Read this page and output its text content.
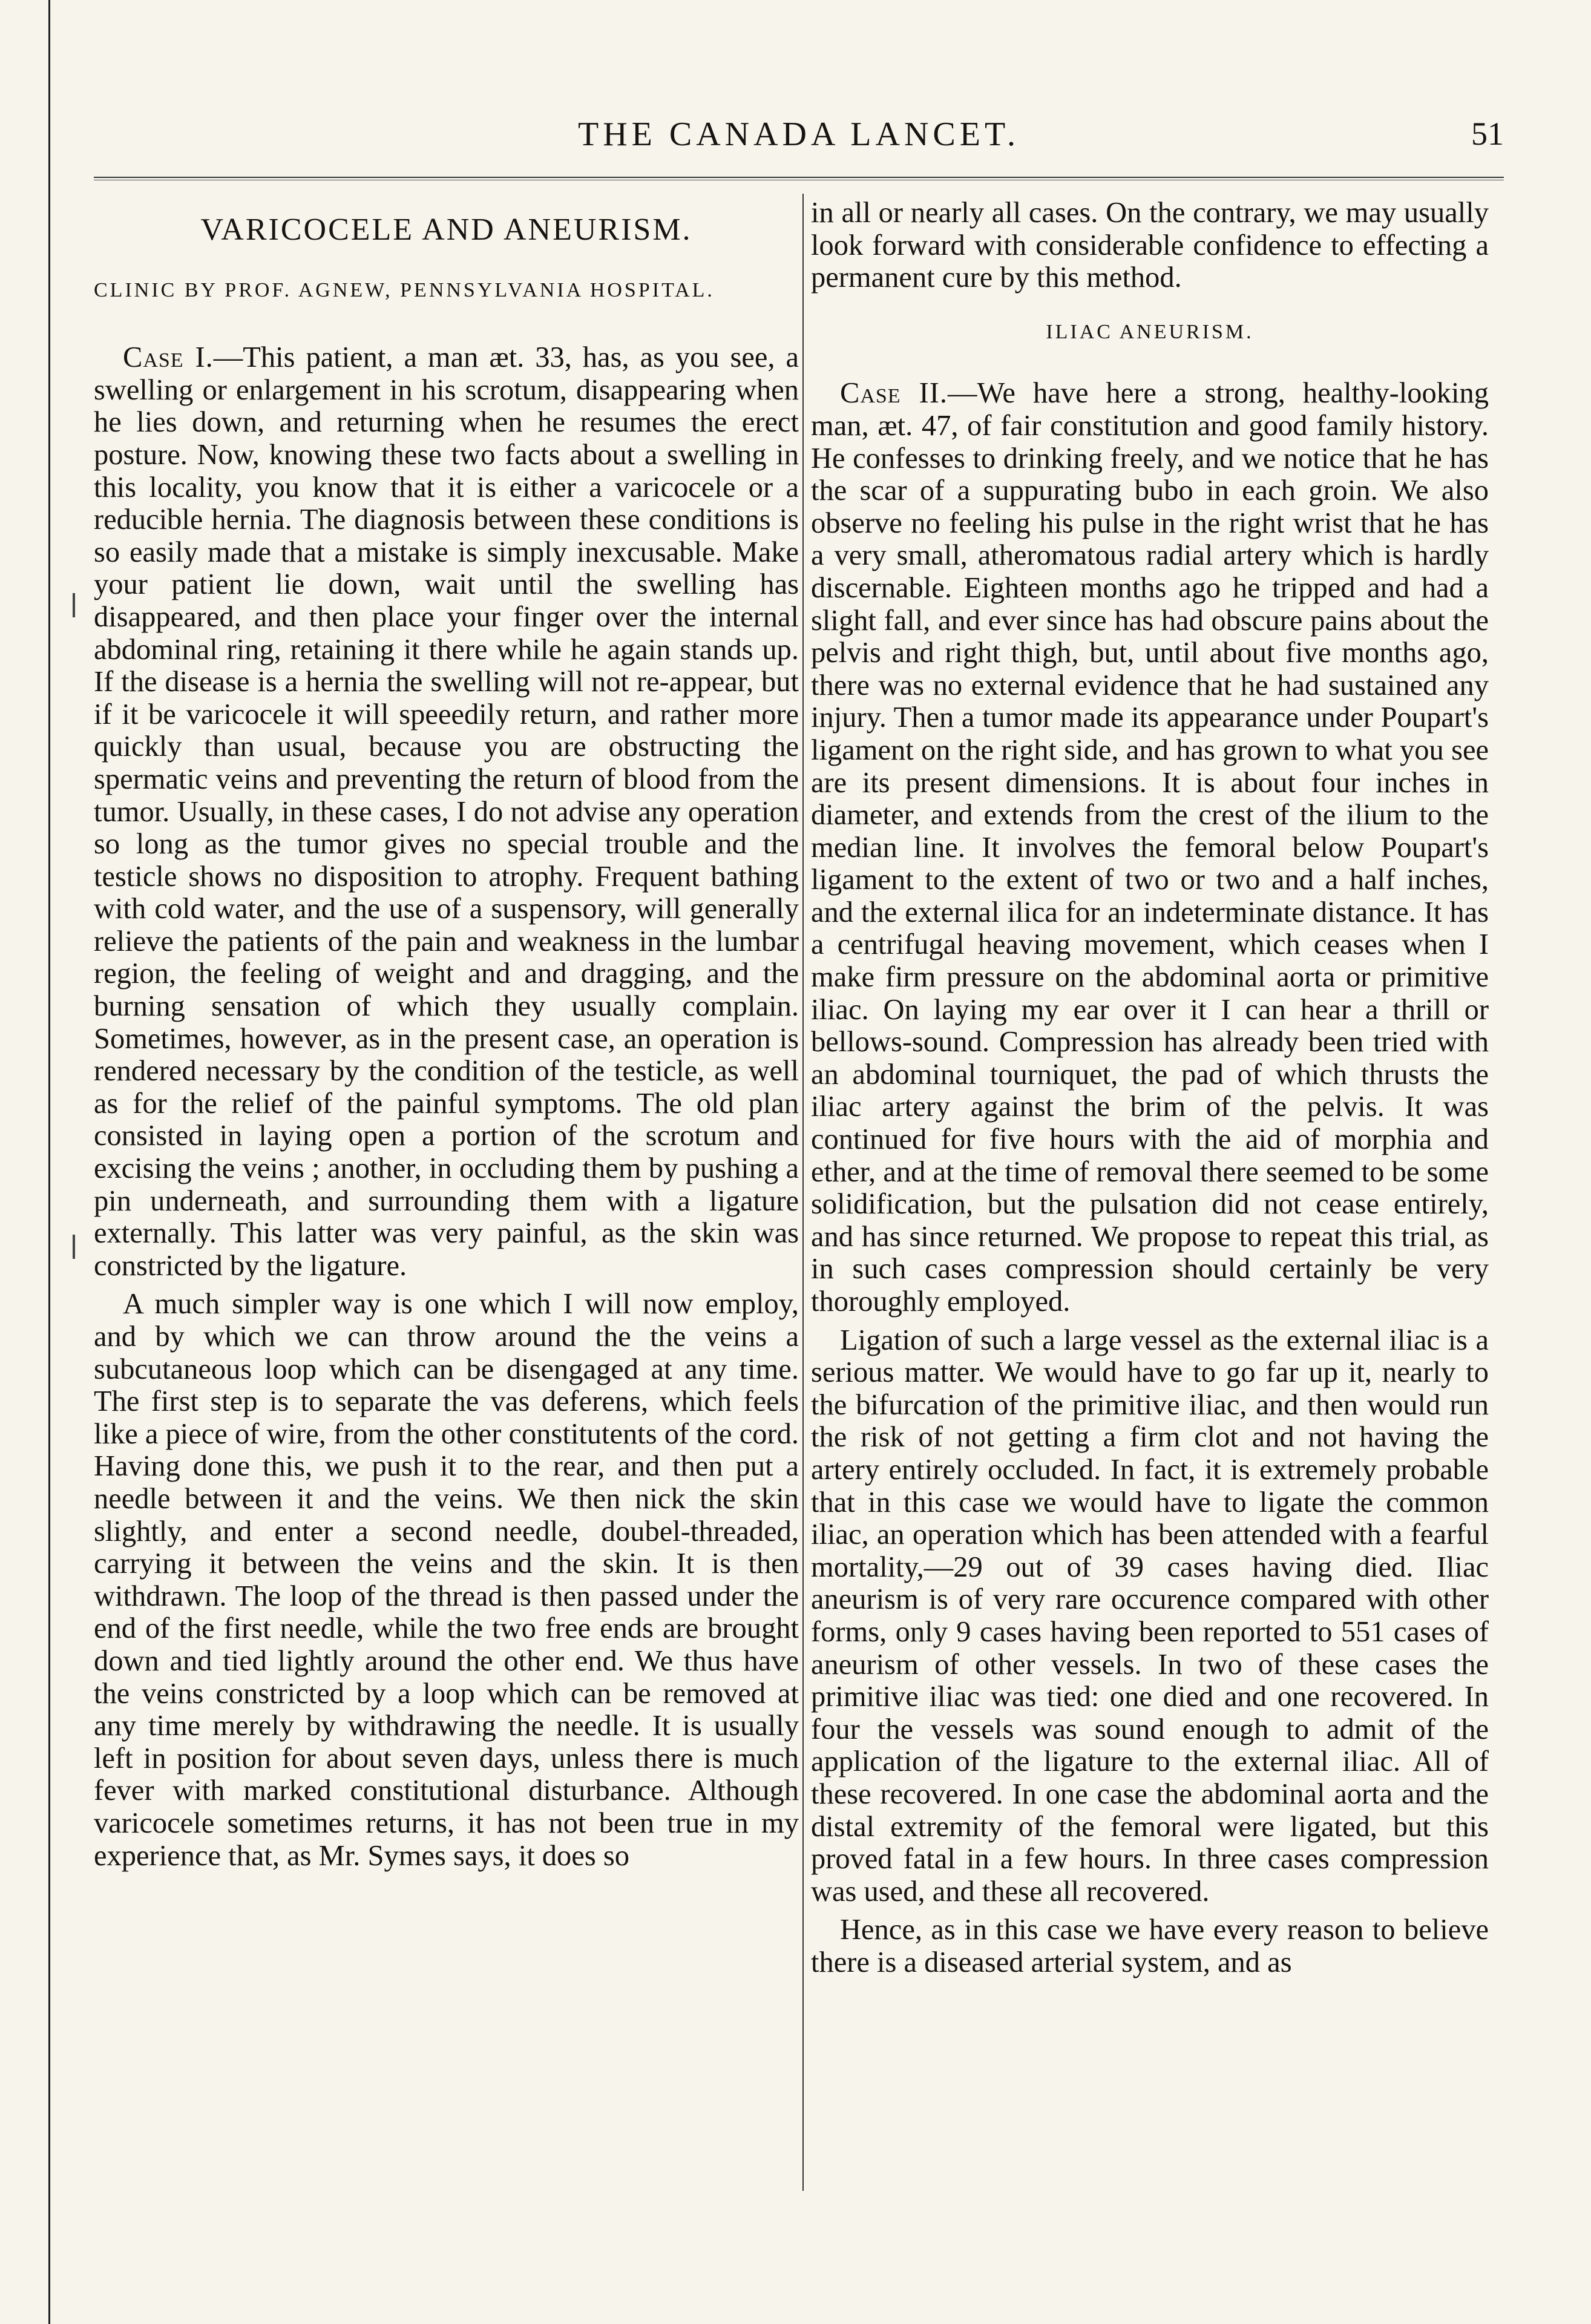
THE CANADA LANCET.	51
VARICOCELE AND ANEURISM.
CLINIC BY PROF. AGNEW, PENNSYLVANIA HOSPITAL.

Case I.—This patient, a man æt. 33, has, as you see, a swelling or enlargement in his scrotum, disappearing when he lies down, and returning when he resumes the erect posture. Now, knowing these two facts about a swelling in this locality, you know that it is either a varicocele or a reducible hernia. The diagnosis between these conditions is so easily made that a mistake is simply inexcusable. Make your patient lie down, wait until the swelling has disappeared, and then place your finger over the internal abdominal ring, retaining it there while he again stands up. If the disease is a hernia the swelling will not re-appear, but if it be varicocele it will speeedily return, and rather more quickly than usual, because you are obstructing the spermatic veins and preventing the return of blood from the tumor. Usually, in these cases, I do not advise any operation so long as the tumor gives no special trouble and the testicle shows no disposition to atrophy. Frequent bathing with cold water, and the use of a suspensory, will generally relieve the patients of the pain and weakness in the lumbar region, the feeling of weight and and dragging, and the burning sensation of which they usually complain. Sometimes, however, as in the present case, an operation is rendered necessary by the condition of the testicle, as well as for the relief of the painful symptoms. The old plan consisted in laying open a portion of the scrotum and excising the veins ; another, in occluding them by pushing a pin underneath, and surrounding them with a ligature externally. This latter was very painful, as the skin was constricted by the ligature.

A much simpler way is one which I will now employ, and by which we can throw around the the veins a subcutaneous loop which can be disengaged at any time. The first step is to separate the vas deferens, which feels like a piece of wire, from the other constitutents of the cord. Having done this, we push it to the rear, and then put a needle between it and the veins. We then nick the skin slightly, and enter a second needle, doubel-threaded, carrying it between the veins and the skin. It is then withdrawn. The loop of the thread is then passed under the end of the first needle, while the two free ends are brought down and tied lightly around the other end. We thus have the veins constricted by a loop which can be removed at any time merely by withdrawing the needle. It is usually left in position for about seven days, unless there is much fever with marked constitutional disturbance. Although varicocele sometimes returns, it has not been true in my experience that, as Mr. Symes says, it does so

in all or nearly all cases. On the contrary, we may usually look forward with considerable confidence to effecting a permanent cure by this method.

ILIAC ANEURISM.

Case II.—We have here a strong, healthy-looking man, æt. 47, of fair constitution and good family history. He confesses to drinking freely, and we notice that he has the scar of a suppurating bubo in each groin. We also observe no feeling his pulse in the right wrist that he has a very small, atheromatous radial artery which is hardly discernable. Eighteen months ago he tripped and had a slight fall, and ever since has had obscure pains about the pelvis and right thigh, but, until about five months ago, there was no external evidence that he had sustained any injury. Then a tumor made its appearance under Poupart's ligament on the right side, and has grown to what you see are its present dimensions. It is about four inches in diameter, and extends from the crest of the ilium to the median line. It involves the femoral below Poupart's ligament to the extent of two or two and a half inches, and the external ilica for an indeterminate distance. It has a centrifugal heaving movement, which ceases when I make firm pressure on the abdominal aorta or primitive iliac. On laying my ear over it I can hear a thrill or bellows-sound. Compression has already been tried with an abdominal tourniquet, the pad of which thrusts the iliac artery against the brim of the pelvis. It was continued for five hours with the aid of morphia and ether, and at the time of removal there seemed to be some solidification, but the pulsation did not cease entirely, and has since returned. We propose to repeat this trial, as in such cases compression should certainly be very thoroughly employed.

Ligation of such a large vessel as the external iliac is a serious matter. We would have to go far up it, nearly to the bifurcation of the primitive iliac, and then would run the risk of not getting a firm clot and not having the artery entirely occluded. In fact, it is extremely probable that in this case we would have to ligate the common iliac, an operation which has been attended with a fearful mortality,—29 out of 39 cases having died. Iliac aneurism is of very rare occurence compared with other forms, only 9 cases having been reported to 551 cases of aneurism of other vessels. In two of these cases the primitive iliac was tied: one died and one recovered. In four the vessels was sound enough to admit of the application of the ligature to the external iliac. All of these recovered. In one case the abdominal aorta and the distal extremity of the femoral were ligated, but this proved fatal in a few hours. In three cases compression was used, and these all recovered.

Hence, as in this case we have every reason to believe there is a diseased arterial system, and as
